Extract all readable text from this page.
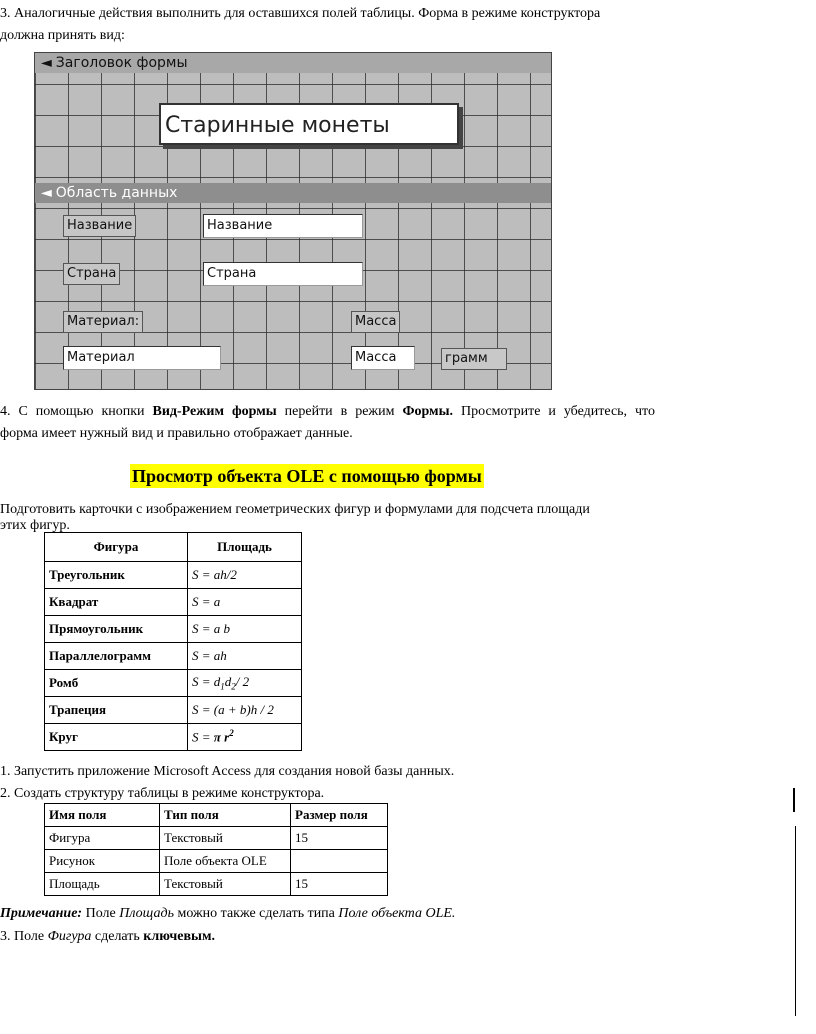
3. Аналогичные действия выполнить для оставшихся полей таблицы. Форма в режиме конструктора

должна принять вид:

◄ Заголовок формы
Старинные монеты
◄ Область данных
Название	Название
Страна	Страна
Материал:	Масса
Материал	Масса	грамм

4. С помощью кнопки Вид-Режим формы перейти в режим Формы. Просмотрите и убедитесь, что

форма имеет нужный вид и правильно отображает данные.

Просмотр объекта OLE с помощью формы

Подготовить карточки с изображением геометрических фигур и формулами для подсчета площади

этих фигур.

Фигура	Площадь
Треугольник	S = ah/2
Квадрат	S = a
Прямоугольник	S = a b
Параллелограмм	S = ah
Ромб	$S = d_1d_2/$ 2
Трапеция	S = (a + b)h / 2
Круг	S = π $r^2$

1. Запустить приложение Microsoft Access для создания новой базы данных.

2. Создать структуру таблицы в режиме конструктора.

Имя поля	Тип поля	Размер поля
Фигура	Текстовый	15
Рисунок	Поле объекта OLE	
Площадь	Текстовый	15

Примечание: Поле Площадь можно также сделать типа Поле объекта OLE.

3. Поле Фигура сделать ключевым.
